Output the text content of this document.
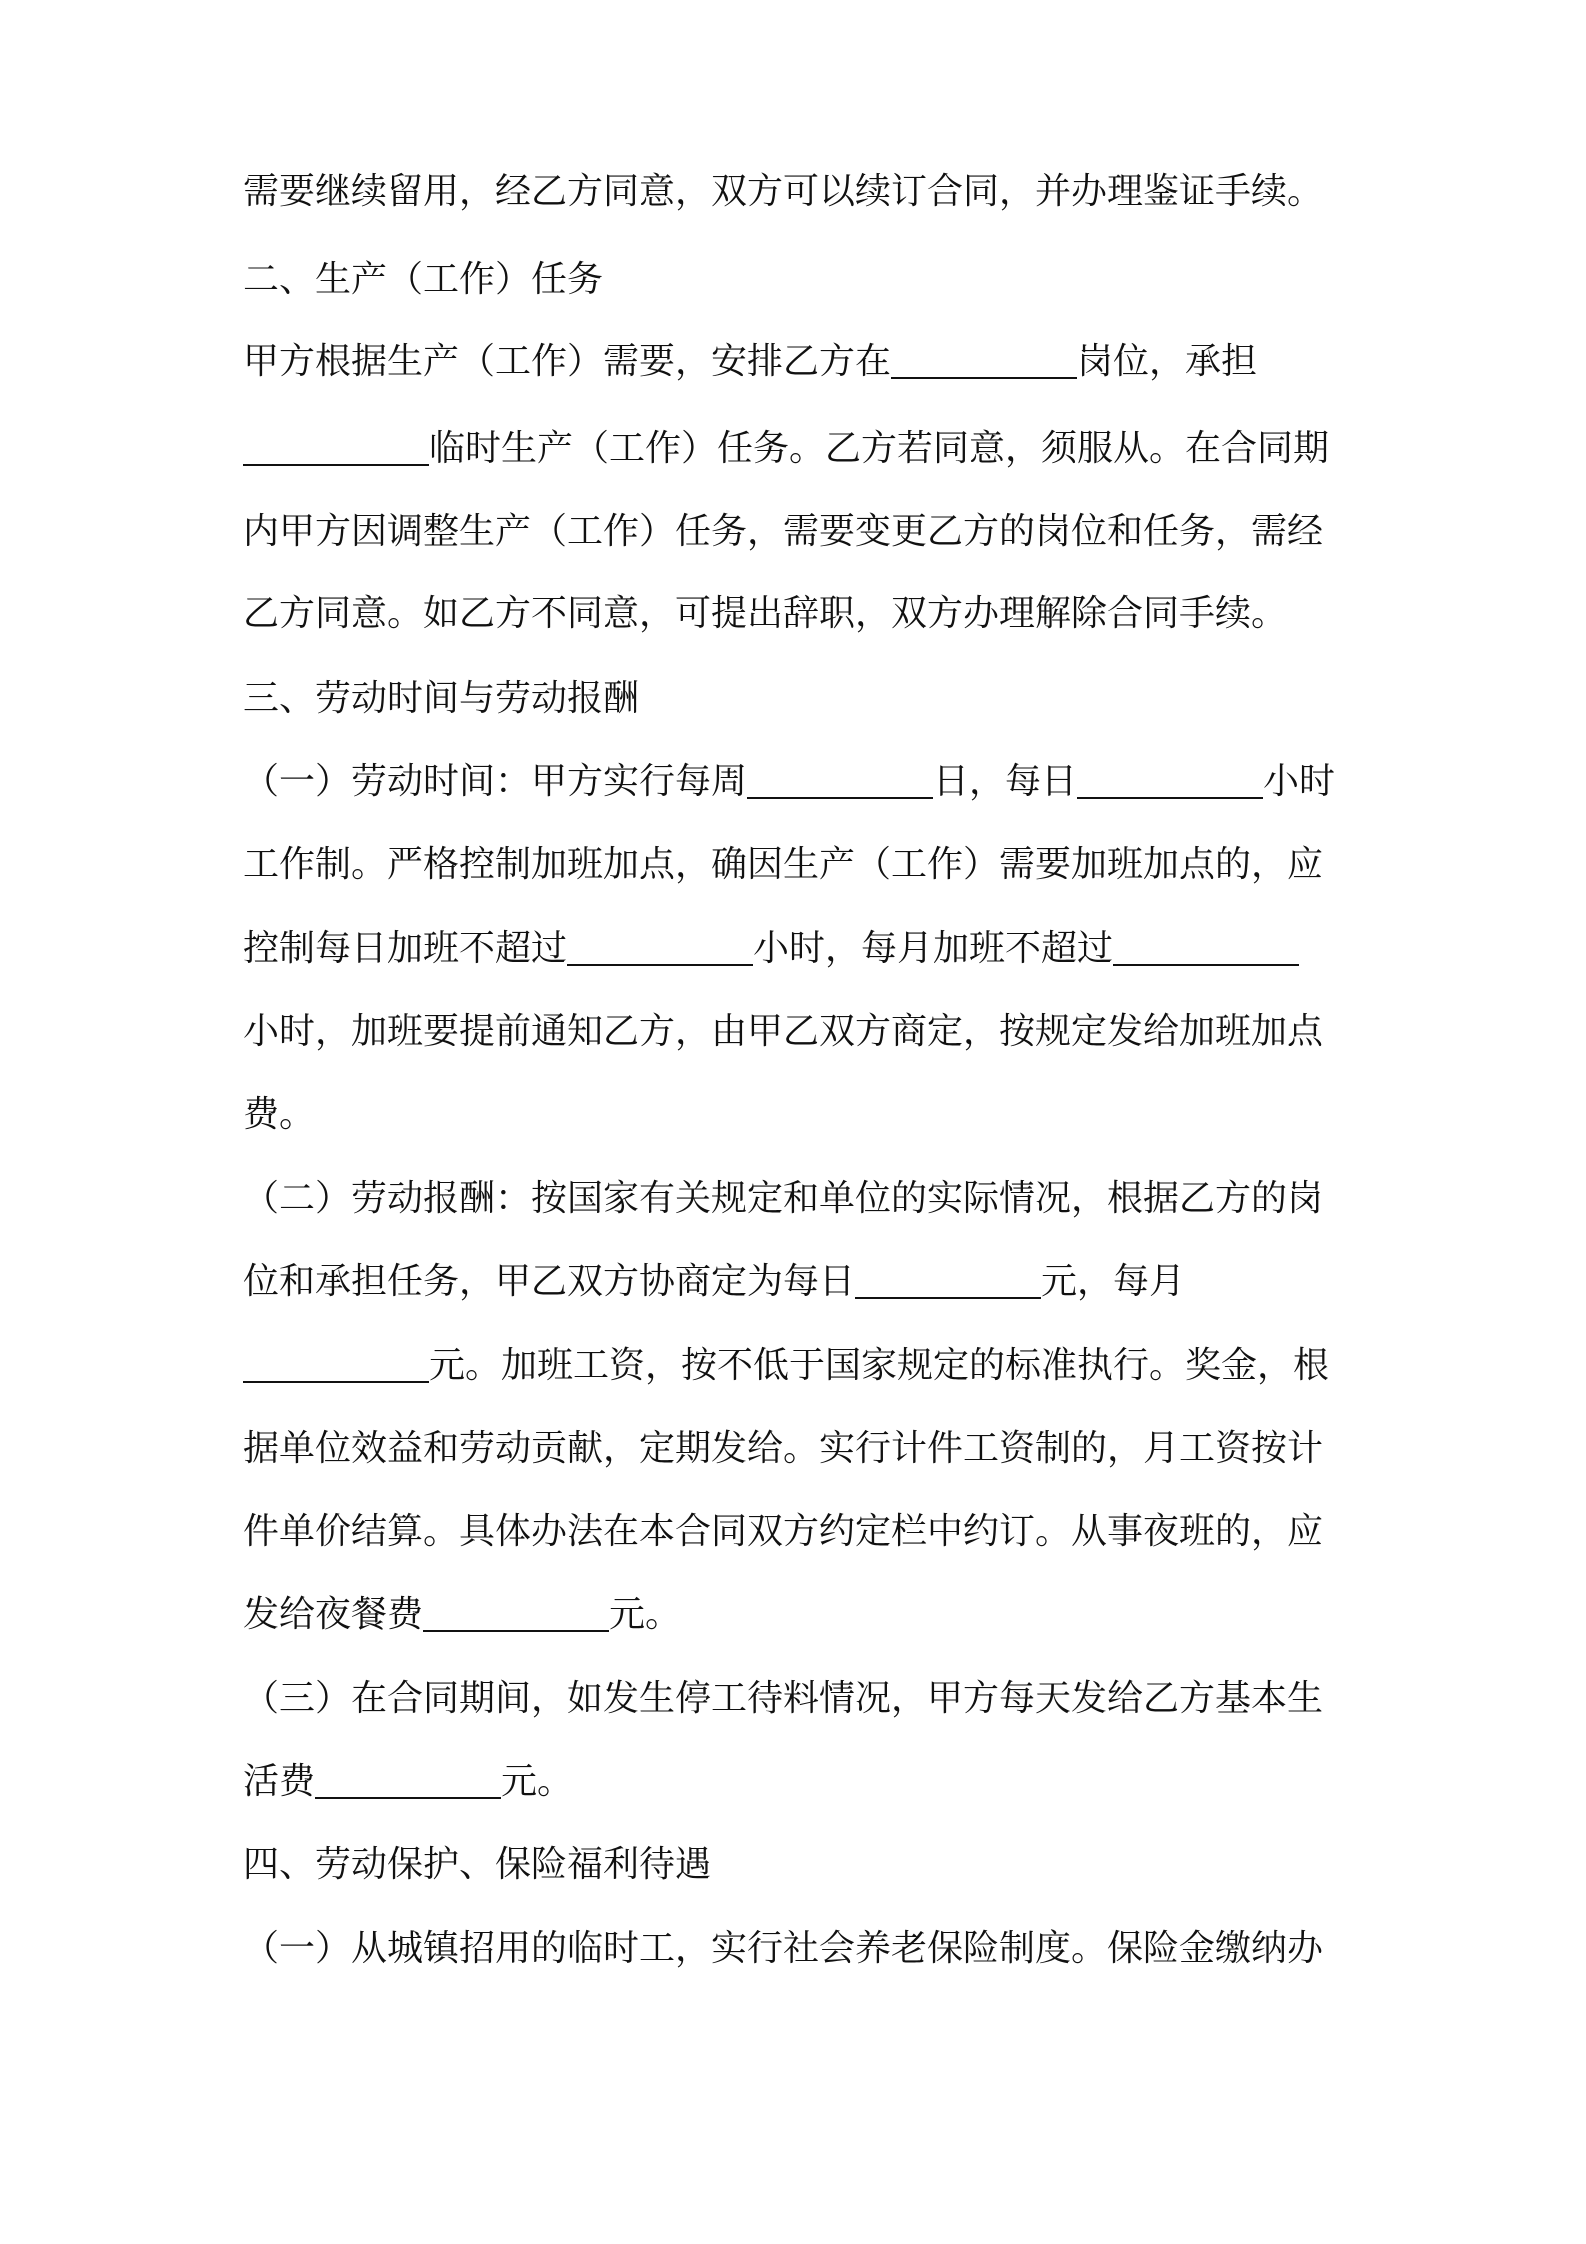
需要继续留用，经乙方同意，双方可以续订合同，并办理鉴证手续。
二、生产（工作）任务
甲方根据生产（工作）需要，安排乙方在	岗位，承担
临时生产（工作）任务。乙方若同意，须服从。在合同期
内甲方因调整生产（工作）任务，需要变更乙方的岗位和任务，需经
乙方同意。如乙方不同意，可提出辞职，双方办理解除合同手续。
三、劳动时间与劳动报酬
（一）劳动时间：甲方实行每周	日，每日	小时
工作制。严格控制加班加点，确因生产（工作）需要加班加点的，应
控制每日加班不超过	小时，每月加班不超过
小时，加班要提前通知乙方，由甲乙双方商定，按规定发给加班加点
费。
（二）劳动报酬：按国家有关规定和单位的实际情况，根据乙方的岗
位和承担任务，甲乙双方协商定为每日	元，每月
元。加班工资，按不低于国家规定的标准执行。奖金，根
据单位效益和劳动贡献，定期发给。实行计件工资制的，月工资按计
件单价结算。具体办法在本合同双方约定栏中约订。从事夜班的，应
发给夜餐费	元。
（三）在合同期间，如发生停工待料情况，甲方每天发给乙方基本生
活费	元。
四、劳动保护、保险福利待遇
（一）从城镇招用的临时工，实行社会养老保险制度。保险金缴纳办
